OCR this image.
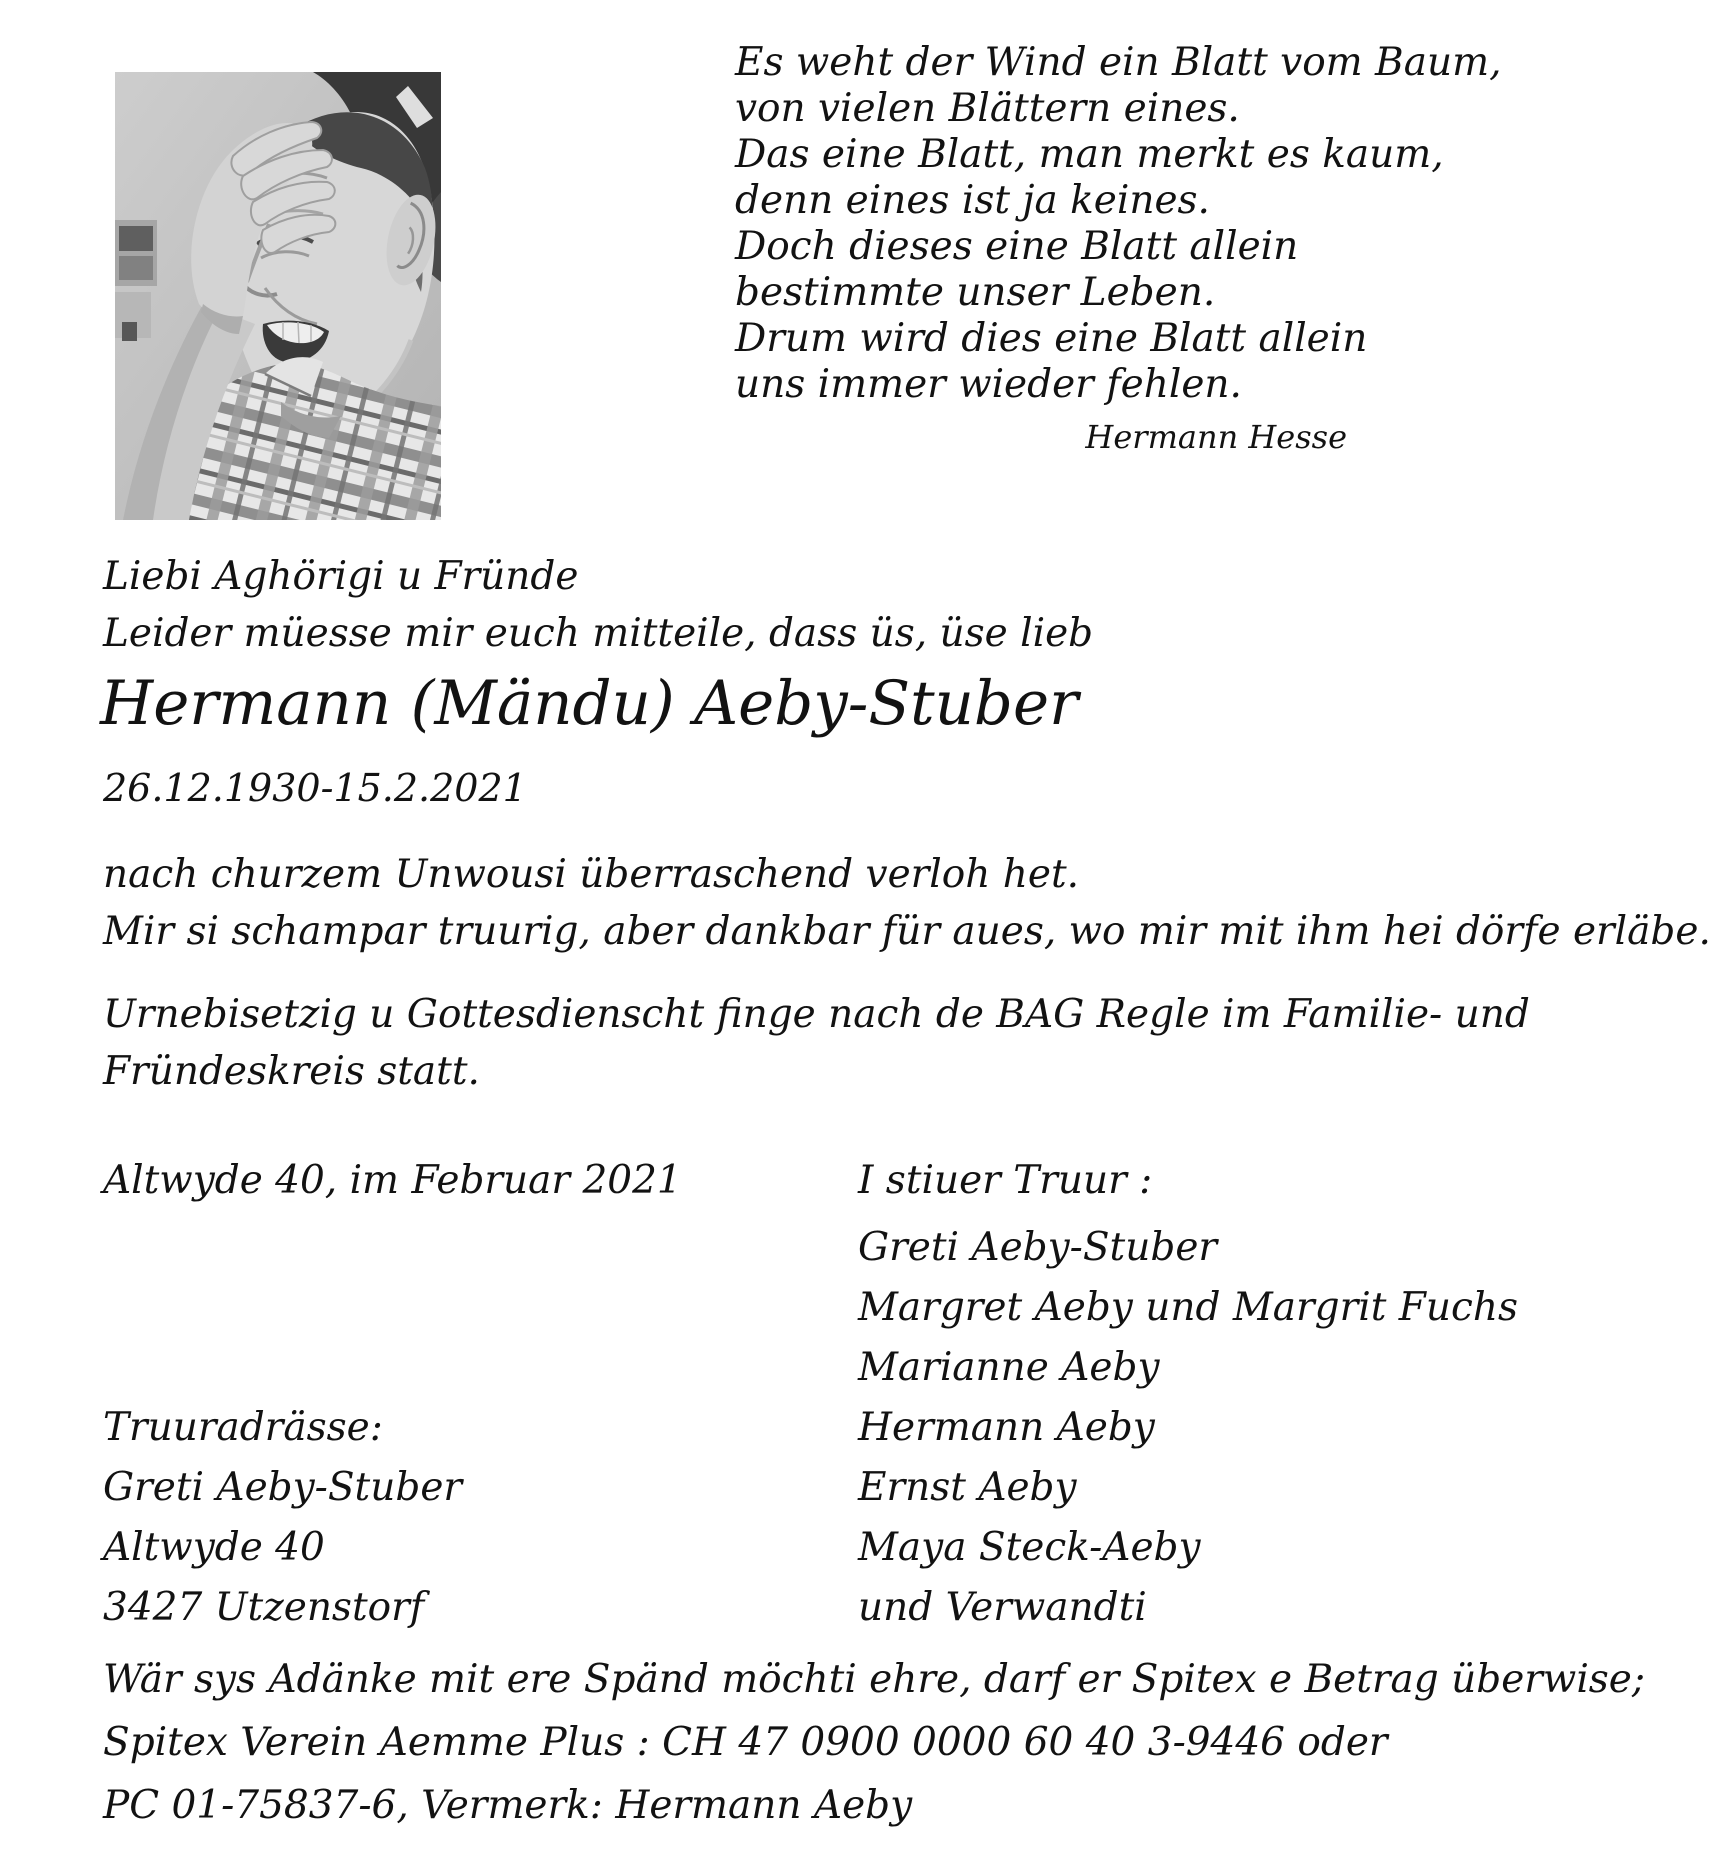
Es weht der Wind ein Blatt vom Baum,
von vielen Blättern eines.
Das eine Blatt, man merkt es kaum,
denn eines ist ja keines.
Doch dieses eine Blatt allein
bestimmte unser Leben.
Drum wird dies eine Blatt allein
uns immer wieder fehlen.
Hermann Hesse
Liebi Aghörigi u Fründe
Leider müesse mir euch mitteile, dass üs, üse lieb
Hermann (Mändu) Aeby-Stuber
26.12.1930-15.2.2021
nach churzem Unwousi überraschend verloh het.
Mir si schampar truurig, aber dankbar für aues, wo mir mit ihm hei dörfe erläbe.
Urnebisetzig u Gottesdienscht finge nach de BAG Regle im Familie- und
Fründeskreis statt.
Altwyde 40, im Februar 2021	I stiuer Truur :
Greti Aeby-Stuber
Margret Aeby und Margrit Fuchs
Marianne Aeby
Hermann Aeby
Ernst Aeby
Maya Steck-Aeby
und Verwandti
Truuradrässe:
Greti Aeby-Stuber
Altwyde 40
3427 Utzenstorf
Wär sys Adänke mit ere Spänd möchti ehre, darf er Spitex e Betrag überwise;
Spitex Verein Aemme Plus : CH 47 0900 0000 60 40 3-9446 oder
PC 01-75837-6, Vermerk: Hermann Aeby
